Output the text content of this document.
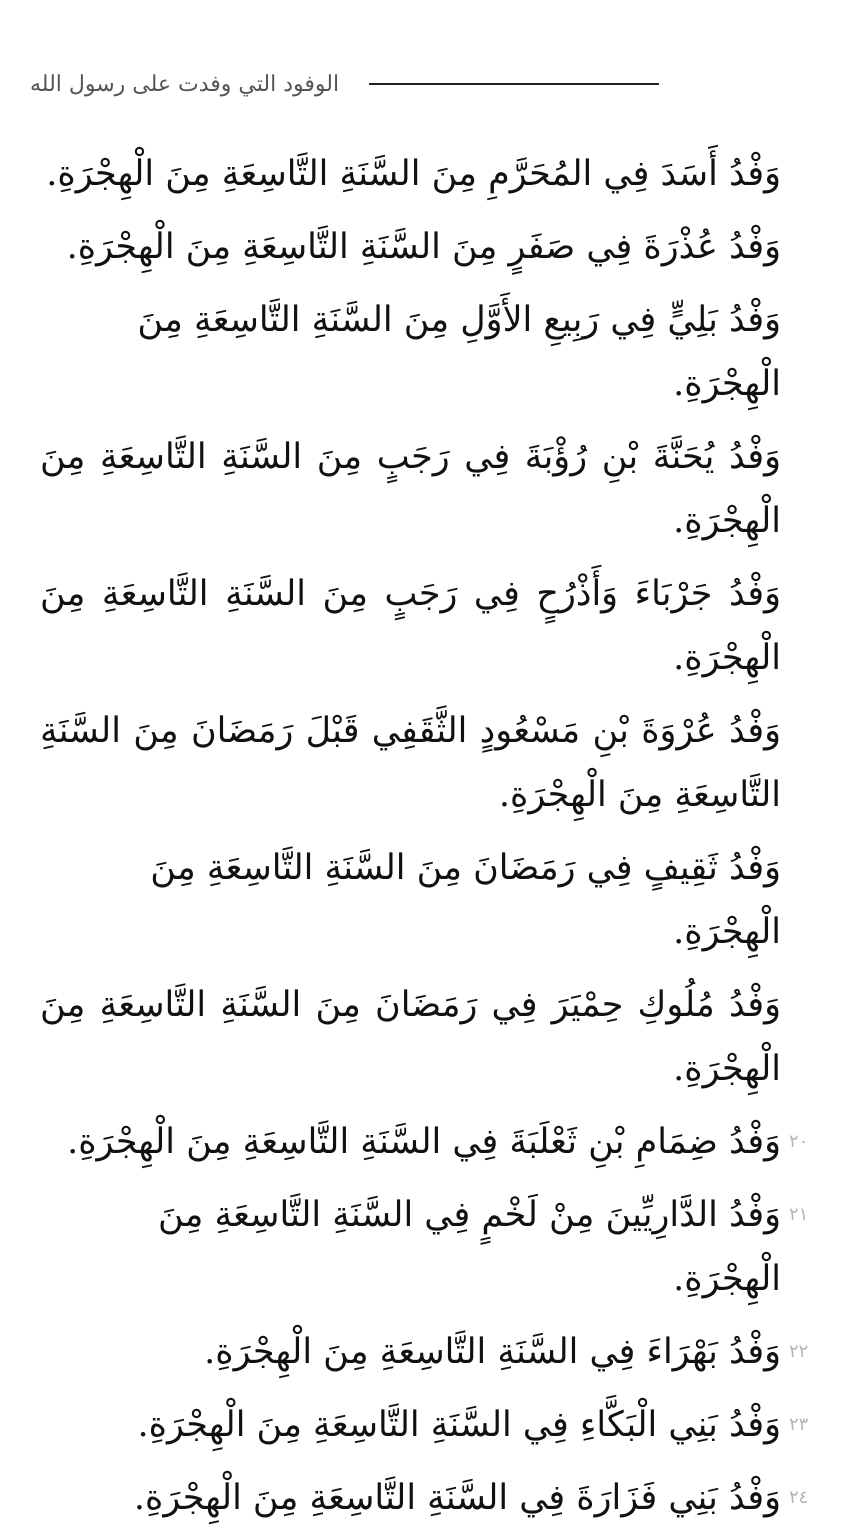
الوفود التي وفدت على رسول الله

وَفْدُ أَسَدَ فِي المُحَرَّمِ مِنَ السَّنَةِ التَّاسِعَةِ مِنَ الْهِجْرَةِ.

وَفْدُ عُذْرَةَ فِي صَفَرٍ مِنَ السَّنَةِ التَّاسِعَةِ مِنَ الْهِجْرَةِ.

وَفْدُ بَلِيٍّ فِي رَبِيعِ الأَوَّلِ مِنَ السَّنَةِ التَّاسِعَةِ مِنَ الْهِجْرَةِ.

وَفْدُ يُحَنَّةَ بْنِ رُؤْبَةَ فِي رَجَبٍ مِنَ السَّنَةِ التَّاسِعَةِ مِنَ الْهِجْرَةِ.

وَفْدُ جَرْبَاءَ وَأَذْرُحٍ فِي رَجَبٍ مِنَ السَّنَةِ التَّاسِعَةِ مِنَ الْهِجْرَةِ.

وَفْدُ عُرْوَةَ بْنِ مَسْعُودٍ الثَّقَفِي قَبْلَ رَمَضَانَ مِنَ السَّنَةِ التَّاسِعَةِ مِنَ الْهِجْرَةِ.

وَفْدُ ثَقِيفٍ فِي رَمَضَانَ مِنَ السَّنَةِ التَّاسِعَةِ مِنَ الْهِجْرَةِ.

وَفْدُ مُلُوكِ حِمْيَرَ فِي رَمَضَانَ مِنَ السَّنَةِ التَّاسِعَةِ مِنَ الْهِجْرَةِ.

٢٠
وَفْدُ ضِمَامِ بْنِ ثَعْلَبَةَ فِي السَّنَةِ التَّاسِعَةِ مِنَ الْهِجْرَةِ.

٢١
وَفْدُ الدَّارِيِّينَ مِنْ لَخْمٍ فِي السَّنَةِ التَّاسِعَةِ مِنَ الْهِجْرَةِ.

٢٢
وَفْدُ بَهْرَاءَ فِي السَّنَةِ التَّاسِعَةِ مِنَ الْهِجْرَةِ.

٢٣
وَفْدُ بَنِي الْبَكَّاءِ فِي السَّنَةِ التَّاسِعَةِ مِنَ الْهِجْرَةِ.

٢٤
وَفْدُ بَنِي فَزَارَةَ فِي السَّنَةِ التَّاسِعَةِ مِنَ الْهِجْرَةِ.
